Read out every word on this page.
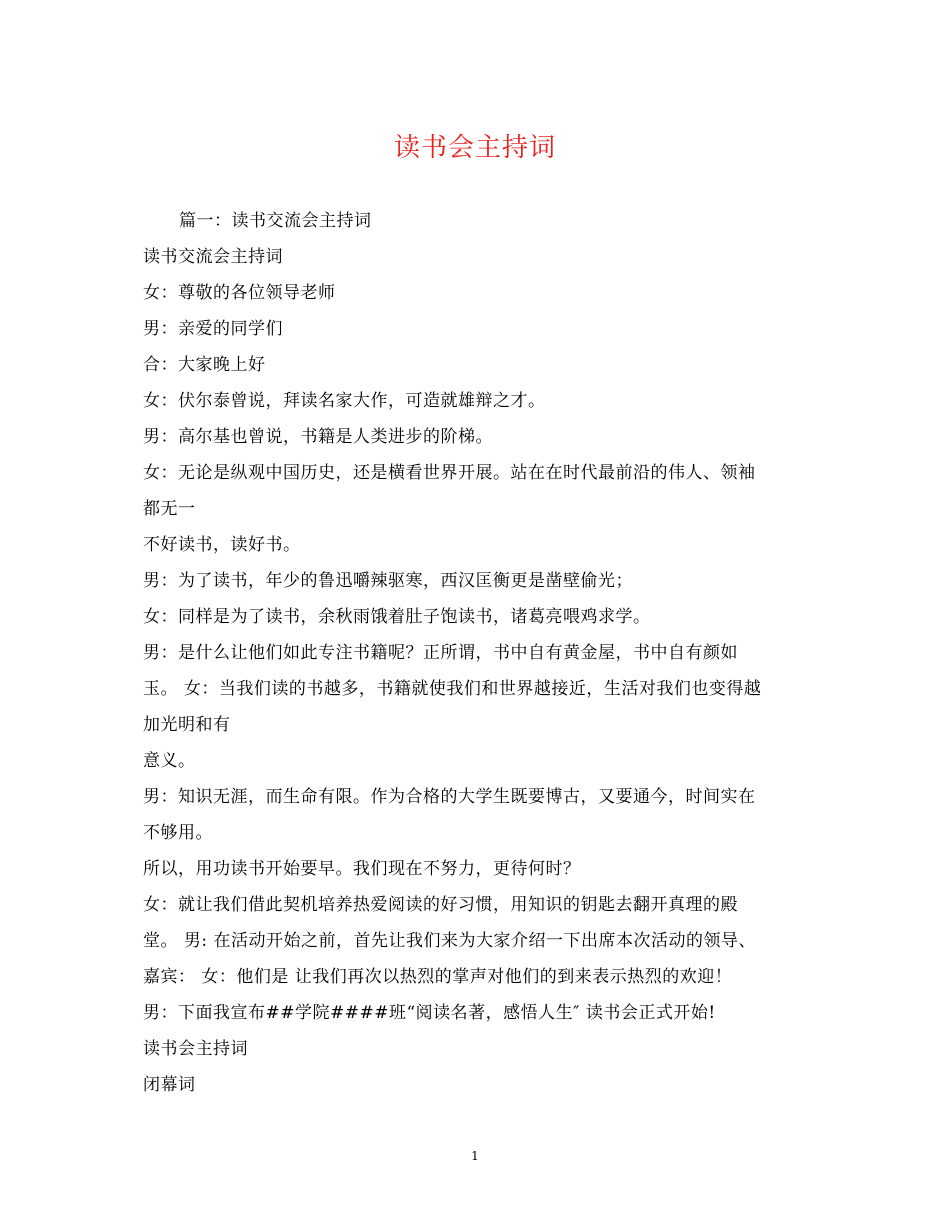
读书会主持词
篇一：读书交流会主持词
读书交流会主持词
女：尊敬的各位领导老师
男：亲爱的同学们
合：大家晚上好
女：伏尔泰曾说，拜读名家大作，可造就雄辩之才。
男：高尔基也曾说，书籍是人类进步的阶梯。
女：无论是纵观中国历史，还是横看世界开展。站在在时代最前沿的伟人、领袖
都无一
不好读书，读好书。
男：为了读书，年少的鲁迅嚼辣驱寒，西汉匡衡更是凿壁偷光；
女：同样是为了读书，余秋雨饿着肚子饱读书，诸葛亮喂鸡求学。
男：是什么让他们如此专注书籍呢？正所谓，书中自有黄金屋，书中自有颜如
玉。 女：当我们读的书越多，书籍就使我们和世界越接近，生活对我们也变得越
加光明和有
意义。
男：知识无涯，而生命有限。作为合格的大学生既要博古，又要通今，时间实在
不够用。
所以，用功读书开始要早。我们现在不努力，更待何时？
女：就让我们借此契机培养热爱阅读的好习惯，用知识的钥匙去翻开真理的殿
堂。 男: 在活动开始之前，首先让我们来为大家介绍一下出席本次活动的领导、
嘉宾： 女：他们是 让我们再次以热烈的掌声对他们的到来表示热烈的欢迎！
男：下面我宣布##学院####班“阅读名著，感悟人生″ 读书会正式开始!
读书会主持词
闭幕词
1
